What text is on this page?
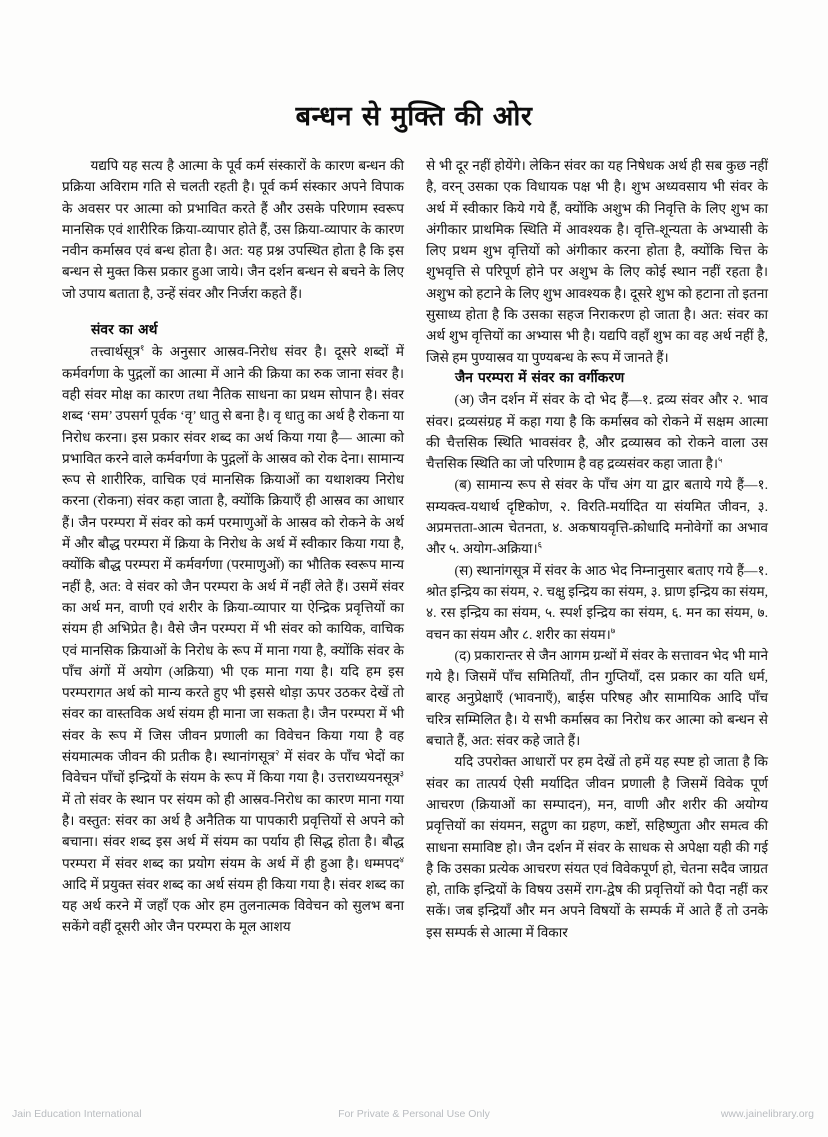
बन्धन से मुक्ति की ओर

यद्यपि यह सत्य है आत्मा के पूर्व कर्म संस्कारों के कारण बन्धन की प्रक्रिया अविराम गति से चलती रहती है। पूर्व कर्म संस्कार अपने विपाक के अवसर पर आत्मा को प्रभावित करते हैं और उसके परिणाम स्वरूप मानसिक एवं शारीरिक क्रिया-व्यापार होते हैं, उस क्रिया-व्यापार के कारण नवीन कर्मास्रव एवं बन्ध होता है। अत: यह प्रश्न उपस्थित होता है कि इस बन्धन से मुक्त किस प्रकार हुआ जाये। जैन दर्शन बन्धन से बचने के लिए जो उपाय बताता है, उन्हें संवर और निर्जरा कहते हैं।

संवर का अर्थ

तत्त्वार्थसूत्र$^१$ के अनुसार आस्रव-निरोध संवर है। दूसरे शब्दों में कर्मवर्गणा के पुद्गलों का आत्मा में आने की क्रिया का रुक जाना संवर है। वही संवर मोक्ष का कारण तथा नैतिक साधना का प्रथम सोपान है। संवर शब्द ‘सम’ उपसर्ग पूर्वक ‘वृ’ धातु से बना है। वृ धातु का अर्थ है रोकना या निरोध करना। इस प्रकार संवर शब्द का अर्थ किया गया है— आत्मा को प्रभावित करने वाले कर्मवर्गणा के पुद्गलों के आस्रव को रोक देना। सामान्य रूप से शारीरिक, वाचिक एवं मानसिक क्रियाओं का यथाशक्य निरोध करना (रोकना) संवर कहा जाता है, क्योंकि क्रियाएँ ही आस्रव का आधार हैं। जैन परम्परा में संवर को कर्म परमाणुओं के आस्रव को रोकने के अर्थ में और बौद्ध परम्परा में क्रिया के निरोध के अर्थ में स्वीकार किया गया है, क्योंकि बौद्ध परम्परा में कर्मवर्गणा (परमाणुओं) का भौतिक स्वरूप मान्य नहीं है, अत: वे संवर को जैन परम्परा के अर्थ में नहीं लेते हैं। उसमें संवर का अर्थ मन, वाणी एवं शरीर के क्रिया-व्यापार या ऐन्द्रिक प्रवृत्तियों का संयम ही अभिप्रेत है। वैसे जैन परम्परा में भी संवर को कायिक, वाचिक एवं मानसिक क्रियाओं के निरोध के रूप में माना गया है, क्योंकि संवर के पाँच अंगों में अयोग (अक्रिया) भी एक माना गया है। यदि हम इस परम्परागत अर्थ को मान्य करते हुए भी इससे थोड़ा ऊपर उठकर देखें तो संवर का वास्तविक अर्थ संयम ही माना जा सकता है। जैन परम्परा में भी संवर के रूप में जिस जीवन प्रणाली का विवेचन किया गया है वह संयमात्मक जीवन की प्रतीक है। स्थानांगसूत्र$^२$ में संवर के पाँच भेदों का विवेचन पाँचों इन्द्रियों के संयम के रूप में किया गया है। उत्तराध्ययनसूत्र$^३$ में तो संवर के स्थान पर संयम को ही आस्रव-निरोध का कारण माना गया है। वस्तुत: संवर का अर्थ है अनैतिक या पापकारी प्रवृत्तियों से अपने को बचाना। संवर शब्द इस अर्थ में संयम का पर्याय ही सिद्ध होता है। बौद्ध परम्परा में संवर शब्द का प्रयोग संयम के अर्थ में ही हुआ है। धम्मपद$^४$ आदि में प्रयुक्त संवर शब्द का अर्थ संयम ही किया गया है। संवर शब्द का यह अर्थ करने में जहाँ एक ओर हम तुलनात्मक विवेचन को सुलभ बना सकेंगे वहीं दूसरी ओर जैन परम्परा के मूल आशय

से भी दूर नहीं होयेंगे। लेकिन संवर का यह निषेधक अर्थ ही सब कुछ नहीं है, वरन् उसका एक विधायक पक्ष भी है। शुभ अध्यवसाय भी संवर के अर्थ में स्वीकार किये गये हैं, क्योंकि अशुभ की निवृत्ति के लिए शुभ का अंगीकार प्राथमिक स्थिति में आवश्यक है। वृत्ति-शून्यता के अभ्यासी के लिए प्रथम शुभ वृत्तियों को अंगीकार करना होता है, क्योंकि चित्त के शुभवृत्ति से परिपूर्ण होने पर अशुभ के लिए कोई स्थान नहीं रहता है। अशुभ को हटाने के लिए शुभ आवश्यक है। दूसरे शुभ को हटाना तो इतना सुसाध्य होता है कि उसका सहज निराकरण हो जाता है। अत: संवर का अर्थ शुभ वृत्तियों का अभ्यास भी है। यद्यपि वहाँ शुभ का वह अर्थ नहीं है, जिसे हम पुण्यास्रव या पुण्यबन्ध के रूप में जानते हैं।

जैन परम्परा में संवर का वर्गीकरण

(अ) जैन दर्शन में संवर के दो भेद हैं—१. द्रव्य संवर और २. भाव संवर। द्रव्यसंग्रह में कहा गया है कि कर्मास्रव को रोकने में सक्षम आत्मा की चैत्तसिक स्थिति भावसंवर है, और द्रव्यास्रव को रोकने वाला उस चैत्तसिक स्थिति का जो परिणाम है वह द्रव्यसंवर कहा जाता है।$^५$

(ब) सामान्य रूप से संवर के पाँच अंग या द्वार बताये गये हैं—१. सम्यक्त्व-यथार्थ दृष्टिकोण, २. विरति-मर्यादित या संयमित जीवन, ३. अप्रमत्तता-आत्म चेतनता, ४. अकषायवृत्ति-क्रोधादि मनोवेगों का अभाव और ५. अयोग-अक्रिया।$^६$

(स) स्थानांगसूत्र में संवर के आठ भेद निम्नानुसार बताए गये हैं—१. श्रोत इन्द्रिय का संयम, २. चक्षु इन्द्रिय का संयम, ३. घ्राण इन्द्रिय का संयम, ४. रस इन्द्रिय का संयम, ५. स्पर्श इन्द्रिय का संयम, ६. मन का संयम, ७. वचन का संयम और ८. शरीर का संयम।$^७$

(द) प्रकारान्तर से जैन आगम ग्रन्थों में संवर के सत्तावन भेद भी माने गये है। जिसमें पाँच समितियाँ, तीन गुप्तियाँ, दस प्रकार का यति धर्म, बारह अनुप्रेक्षाएँ (भावनाएँ), बाईस परिषह और सामायिक आदि पाँच चरित्र सम्मिलित है। ये सभी कर्मास्रव का निरोध कर आत्मा को बन्धन से बचाते हैं, अत: संवर कहे जाते हैं।

यदि उपरोक्त आधारों पर हम देखें तो हमें यह स्पष्ट हो जाता है कि संवर का तात्पर्य ऐसी मर्यादित जीवन प्रणाली है जिसमें विवेक पूर्ण आचरण (क्रियाओं का सम्पादन), मन, वाणी और शरीर की अयोग्य प्रवृत्तियों का संयमन, सद्गुण का ग्रहण, कष्टों, सहिष्णुता और समत्व की साधना समाविष्ट हो। जैन दर्शन में संवर के साधक से अपेक्षा यही की गई है कि उसका प्रत्येक आचरण संयत एवं विवेकपूर्ण हो, चेतना सदैव जाग्रत हो, ताकि इन्द्रियों के विषय उसमें राग-द्वेष की प्रवृत्तियों को पैदा नहीं कर सकें। जब इन्द्रियाँ और मन अपने विषयों के सम्पर्क में आते हैं तो उनके इस सम्पर्क से आत्मा में विकार

Jain Education International	For Private & Personal Use Only	www.jainelibrary.org
